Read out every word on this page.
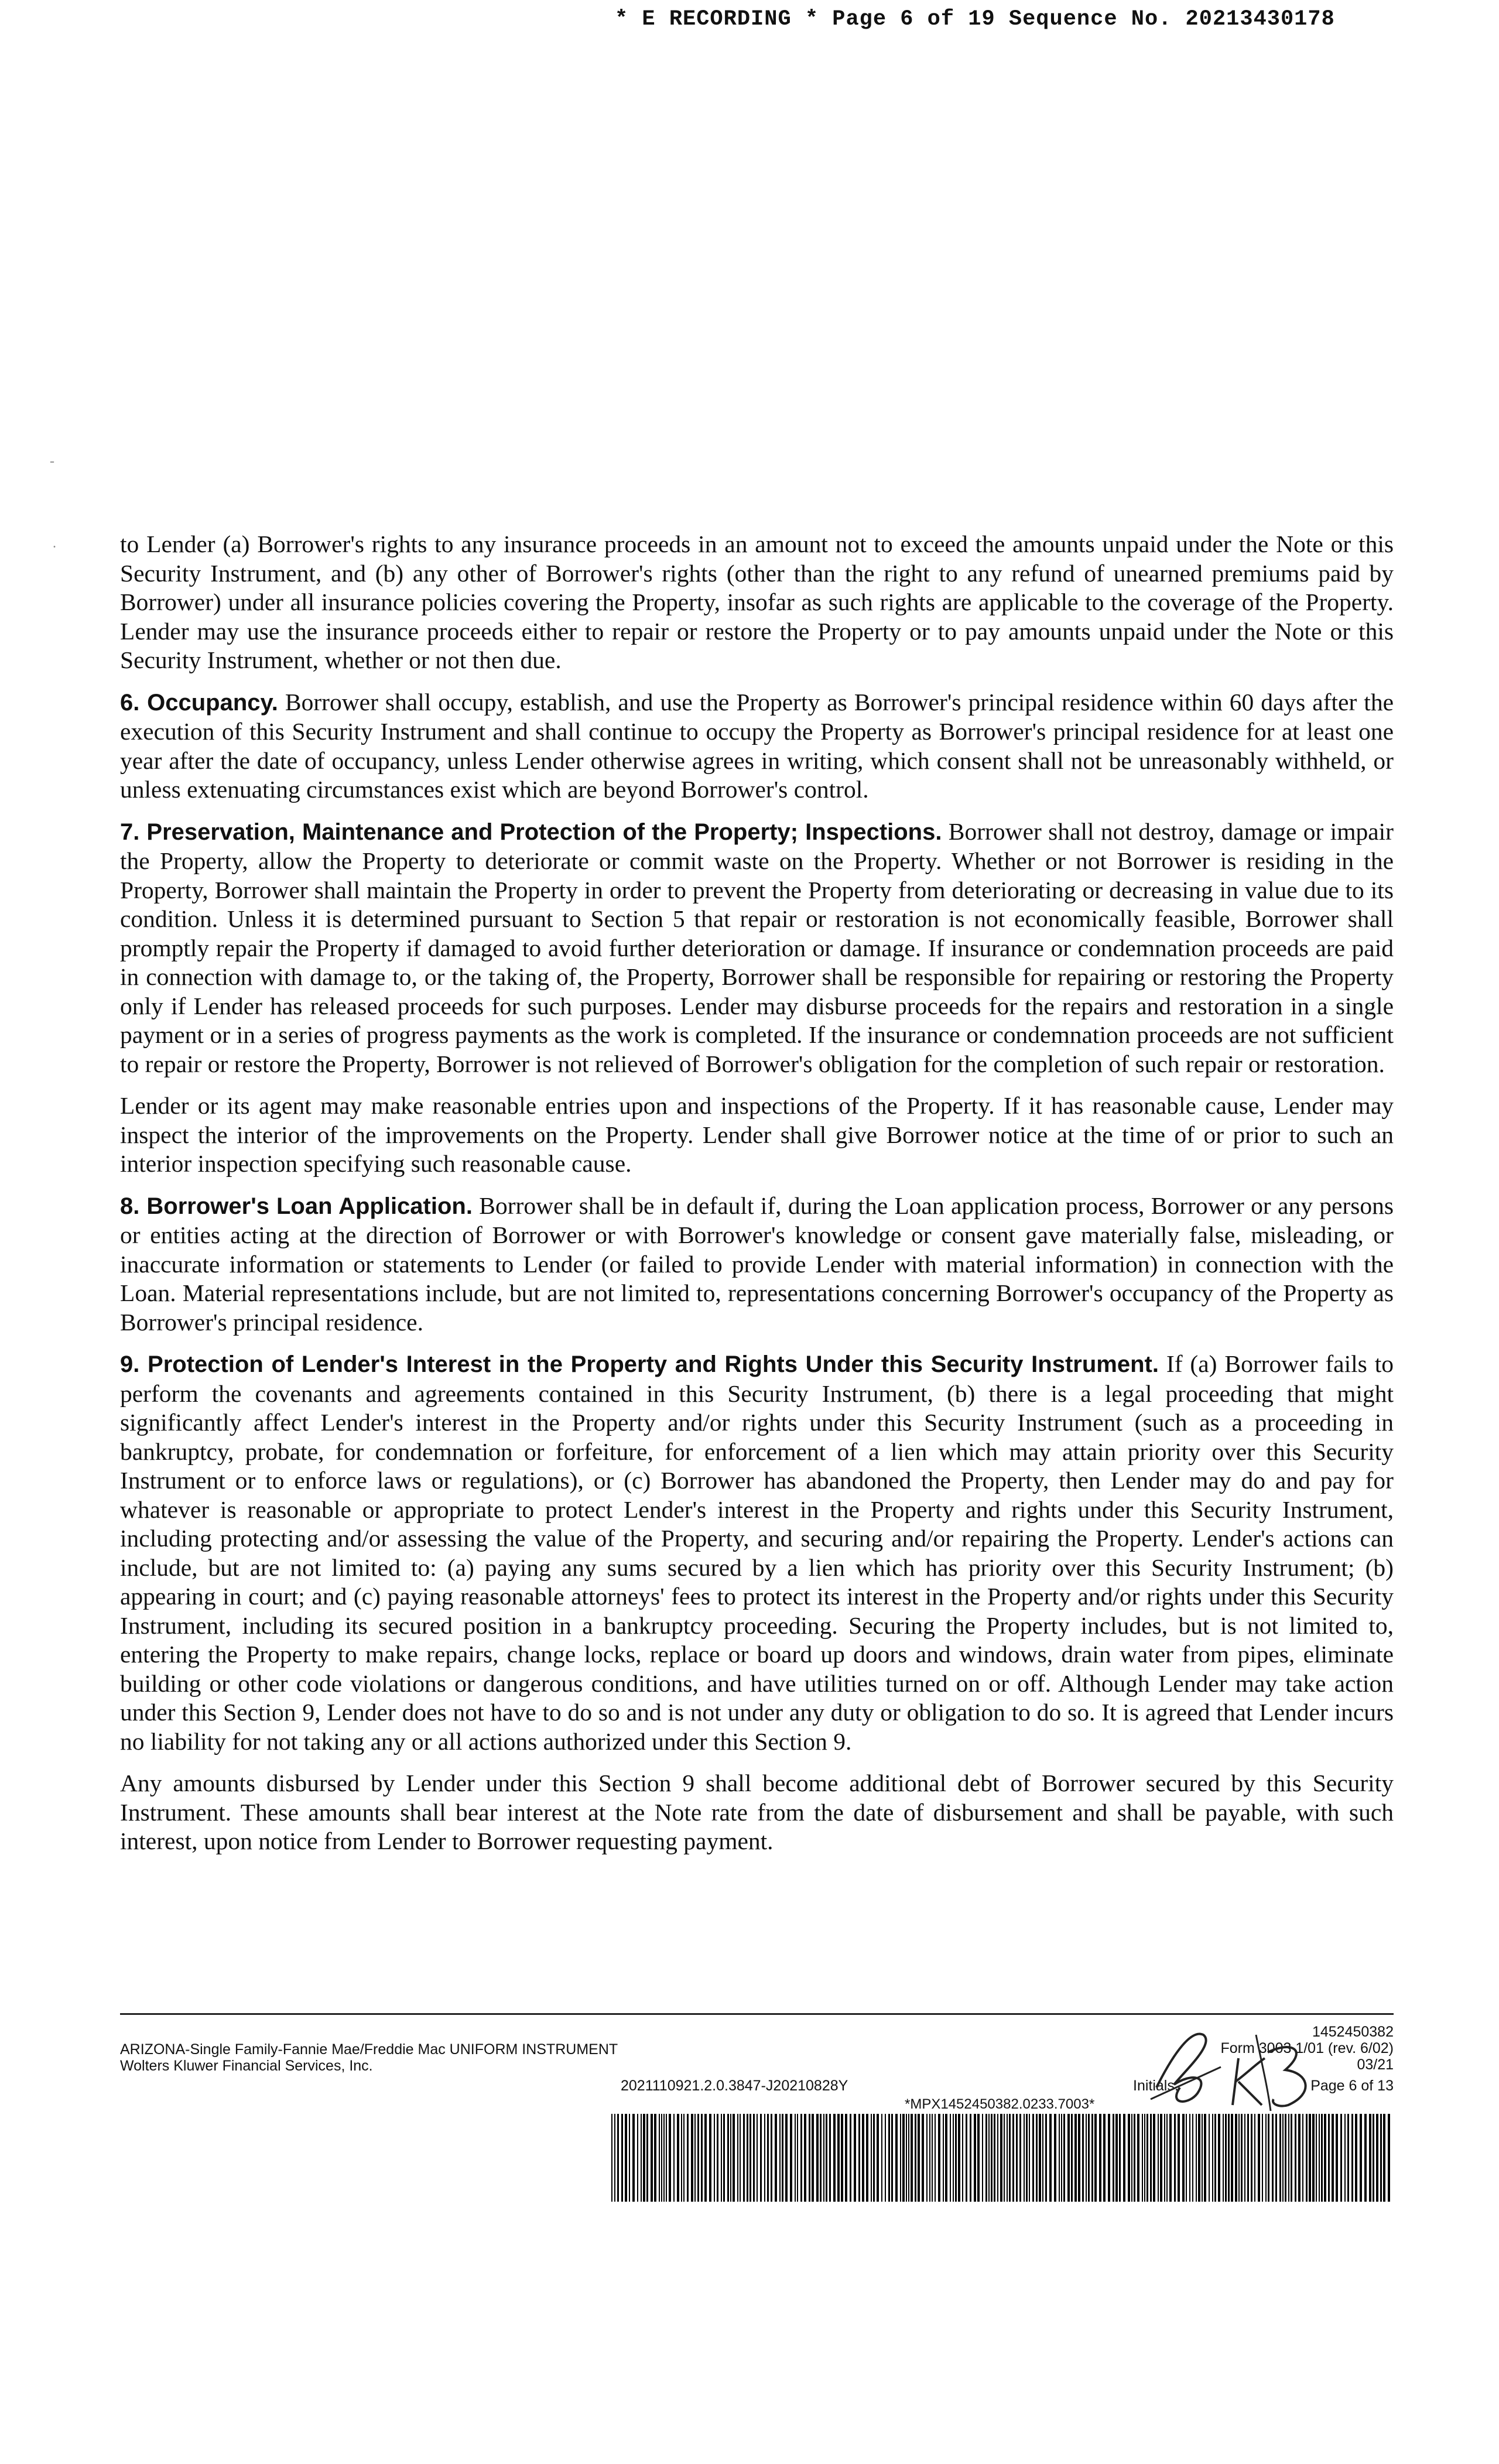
* E RECORDING * Page 6 of 19 Sequence No. 20213430178
-
.	to Lender (a) Borrower's rights to any insurance proceeds in an amount not to exceed the amounts unpaid under the Note or this Security Instrument, and (b) any other of Borrower's rights (other than the right to any refund of unearned premiums paid by Borrower) under all insurance policies covering the Property, insofar as such rights are applicable to the coverage of the Property. Lender may use the insurance proceeds either to repair or restore the Property or to pay amounts unpaid under the Note or this Security Instrument, whether or not then due.

6. Occupancy. Borrower shall occupy, establish, and use the Property as Borrower's principal residence within 60 days after the execution of this Security Instrument and shall continue to occupy the Property as Borrower's principal residence for at least one year after the date of occupancy, unless Lender otherwise agrees in writing, which consent shall not be unreasonably withheld, or unless extenuating circumstances exist which are beyond Borrower's control.

7. Preservation, Maintenance and Protection of the Property; Inspections. Borrower shall not destroy, damage or impair the Property, allow the Property to deteriorate or commit waste on the Property. Whether or not Borrower is residing in the Property, Borrower shall maintain the Property in order to prevent the Property from deteriorating or decreasing in value due to its condition. Unless it is determined pursuant to Section 5 that repair or restoration is not economically feasible, Borrower shall promptly repair the Property if damaged to avoid further deterioration or damage. If insurance or condemnation proceeds are paid in connection with damage to, or the taking of, the Property, Borrower shall be responsible for repairing or restoring the Property only if Lender has released proceeds for such purposes. Lender may disburse proceeds for the repairs and restoration in a single payment or in a series of progress payments as the work is completed. If the insurance or condemnation proceeds are not sufficient to repair or restore the Property, Borrower is not relieved of Borrower's obligation for the completion of such repair or restoration.

Lender or its agent may make reasonable entries upon and inspections of the Property. If it has reasonable cause, Lender may inspect the interior of the improvements on the Property. Lender shall give Borrower notice at the time of or prior to such an interior inspection specifying such reasonable cause.

8. Borrower's Loan Application. Borrower shall be in default if, during the Loan application process, Borrower or any persons or entities acting at the direction of Borrower or with Borrower's knowledge or consent gave materially false, misleading, or inaccurate information or statements to Lender (or failed to provide Lender with material information) in connection with the Loan. Material representations include, but are not limited to, representations concerning Borrower's occupancy of the Property as Borrower's principal residence.

9. Protection of Lender's Interest in the Property and Rights Under this Security Instrument. If (a) Borrower fails to perform the covenants and agreements contained in this Security Instrument, (b) there is a legal proceeding that might significantly affect Lender's interest in the Property and/or rights under this Security Instrument (such as a proceeding in bankruptcy, probate, for condemnation or forfeiture, for enforcement of a lien which may attain priority over this Security Instrument or to enforce laws or regulations), or (c) Borrower has abandoned the Property, then Lender may do and pay for whatever is reasonable or appropriate to protect Lender's interest in the Property and rights under this Security Instrument, including protecting and/or assessing the value of the Property, and securing and/or repairing the Property. Lender's actions can include, but are not limited to: (a) paying any sums secured by a lien which has priority over this Security Instrument; (b) appearing in court; and (c) paying reasonable attorneys' fees to protect its interest in the Property and/or rights under this Security Instrument, including its secured position in a bankruptcy proceeding. Securing the Property includes, but is not limited to, entering the Property to make repairs, change locks, replace or board up doors and windows, drain water from pipes, eliminate building or other code violations or dangerous conditions, and have utilities turned on or off. Although Lender may take action under this Section 9, Lender does not have to do so and is not under any duty or obligation to do so. It is agreed that Lender incurs no liability for not taking any or all actions authorized under this Section 9.

Any amounts disbursed by Lender under this Section 9 shall become additional debt of Borrower secured by this Security Instrument. These amounts shall bear interest at the Note rate from the date of disbursement and shall be payable, with such interest, upon notice from Lender to Borrower requesting payment.

ARIZONA-Single Family-Fannie Mae/Freddie Mac UNIFORM INSTRUMENT
Wolters Kluwer Financial Services, Inc.
2021110921.2.0.3847-J20210828Y
1452450382
Form 3003 1/01 (rev. 6/02)
03/21
Initials:	Page 6 of 13
*MPX1452450382.0233.7003*
